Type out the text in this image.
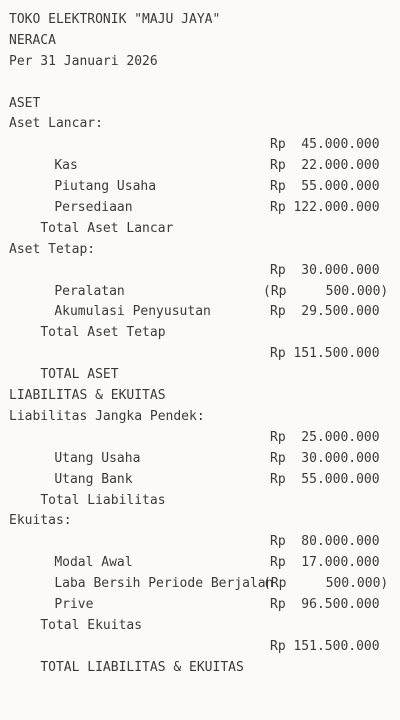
TOKO ELEKTRONIK "MAJU JAYA"
NERACA
Per 31 Januari 2026
ASET
Aset Lancar:

Kas

Rp  45.000.000

Piutang Usaha

Rp  22.000.000

Persediaan

Rp  55.000.000

Total Aset Lancar

Rp 122.000.000

Aset Tetap:

Peralatan

Rp  30.000.000

Akumulasi Penyusutan

(Rp     500.000)

Total Aset Tetap

Rp  29.500.000

TOTAL ASET

Rp 151.500.000

LIABILITAS & EKUITAS
Liabilitas Jangka Pendek:

Utang Usaha

Rp  25.000.000

Utang Bank

Rp  30.000.000

Total Liabilitas

Rp  55.000.000

Ekuitas:

Modal Awal

Rp  80.000.000

Laba Bersih Periode Berjalan

Rp  17.000.000

Prive

(Rp     500.000)

Total Ekuitas

Rp  96.500.000

TOTAL LIABILITAS & EKUITAS

Rp 151.500.000
